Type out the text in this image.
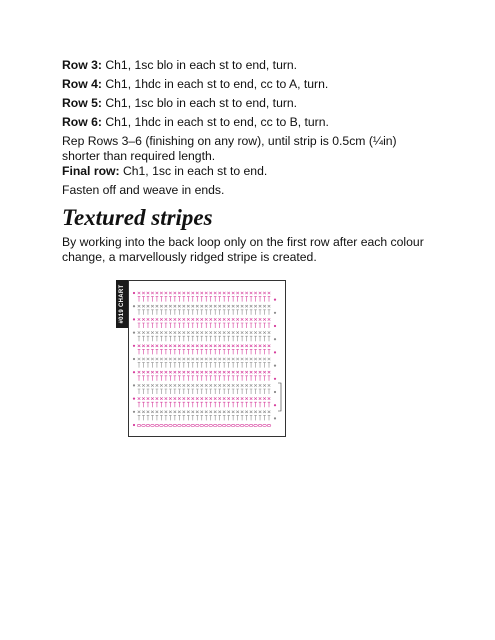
Row 3: Ch1, 1sc blo in each st to end, turn.

Row 4: Ch1, 1hdc in each st to end, cc to A, turn.

Row 5: Ch1, 1sc blo in each st to end, turn.

Row 6: Ch1, 1hdc in each st to end, cc to B, turn.

Rep Rows 3–6 (finishing on any row), until strip is 0.5cm (¼in) shorter than required length.

Final row: Ch1, 1sc in each st to end.

Fasten off and weave in ends.

Textured stripes

By working into the back loop only on the first row after each colour change, a marvellously ridged stripe is created.

#019 CHART
